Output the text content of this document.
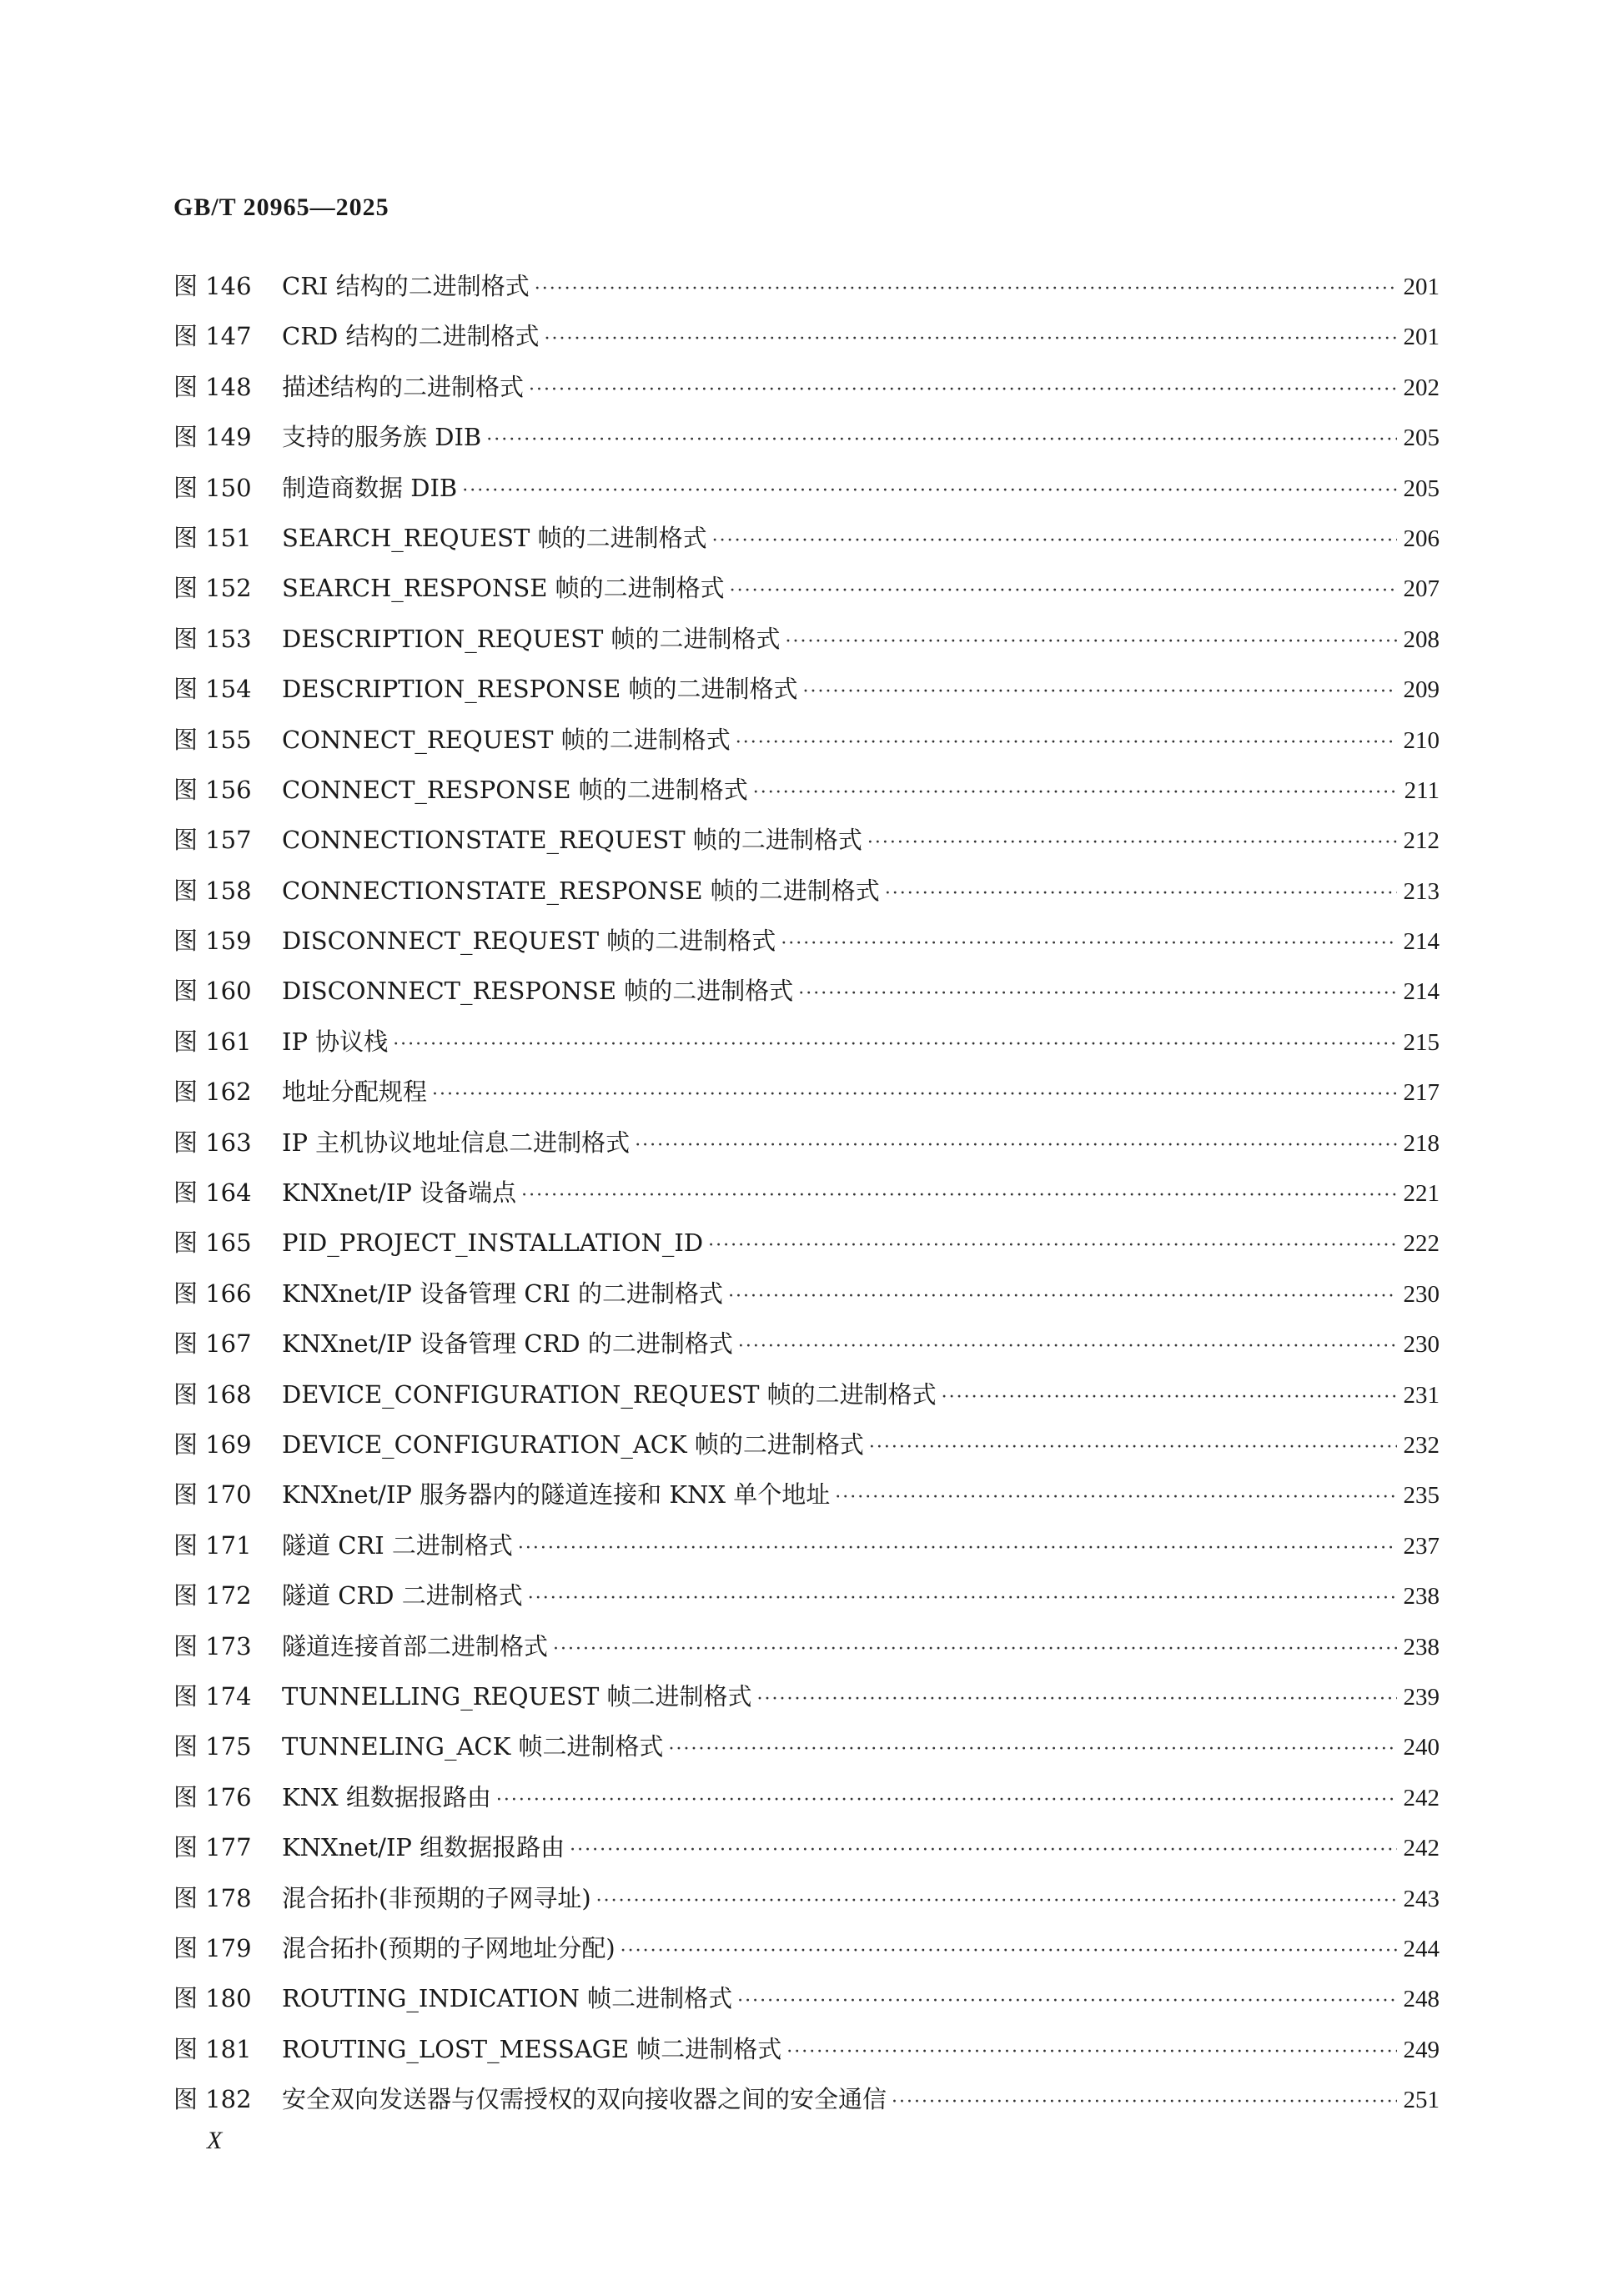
GB/T 20965—2025
图 146	CRI 结构的二进制格式 ·····	201
图 147	CRD 结构的二进制格式 ·····	201
图 148	描述结构的二进制格式 ·····	202
图 149	支持的服务族 DIB ·····	205
图 150	制造商数据 DIB ·····	205
图 151	SEARCH_REQUEST 帧的二进制格式 ·····	206
图 152	SEARCH_RESPONSE 帧的二进制格式 ·····	207
图 153	DESCRIPTION_REQUEST 帧的二进制格式 ·····	208
图 154	DESCRIPTION_RESPONSE 帧的二进制格式 ·····	209
图 155	CONNECT_REQUEST 帧的二进制格式 ·····	210
图 156	CONNECT_RESPONSE 帧的二进制格式 ·····	211
图 157	CONNECTIONSTATE_REQUEST 帧的二进制格式 ·····	212
图 158	CONNECTIONSTATE_RESPONSE 帧的二进制格式 ·····	213
图 159	DISCONNECT_REQUEST 帧的二进制格式 ·····	214
图 160	DISCONNECT_RESPONSE 帧的二进制格式 ·····	214
图 161	IP 协议栈 ·····	215
图 162	地址分配规程 ·····	217
图 163	IP 主机协议地址信息二进制格式 ·····	218
图 164	KNXnet/IP 设备端点 ·····	221
图 165	PID_PROJECT_INSTALLATION_ID ·····	222
图 166	KNXnet/IP 设备管理 CRI 的二进制格式 ·····	230
图 167	KNXnet/IP 设备管理 CRD 的二进制格式 ·····	230
图 168	DEVICE_CONFIGURATION_REQUEST 帧的二进制格式 ·····	231
图 169	DEVICE_CONFIGURATION_ACK 帧的二进制格式 ·····	232
图 170	KNXnet/IP 服务器内的隧道连接和 KNX 单个地址 ·····	235
图 171	隧道 CRI 二进制格式 ·····	237
图 172	隧道 CRD 二进制格式 ·····	238
图 173	隧道连接首部二进制格式 ·····	238
图 174	TUNNELLING_REQUEST 帧二进制格式 ·····	239
图 175	TUNNELING_ACK 帧二进制格式 ·····	240
图 176	KNX 组数据报路由 ·····	242
图 177	KNXnet/IP 组数据报路由 ·····	242
图 178	混合拓扑(非预期的子网寻址) ·····	243
图 179	混合拓扑(预期的子网地址分配) ·····	244
图 180	ROUTING_INDICATION 帧二进制格式 ·····	248
图 181	ROUTING_LOST_MESSAGE 帧二进制格式 ·····	249
图 182	安全双向发送器与仅需授权的双向接收器之间的安全通信 ·····	251
X
